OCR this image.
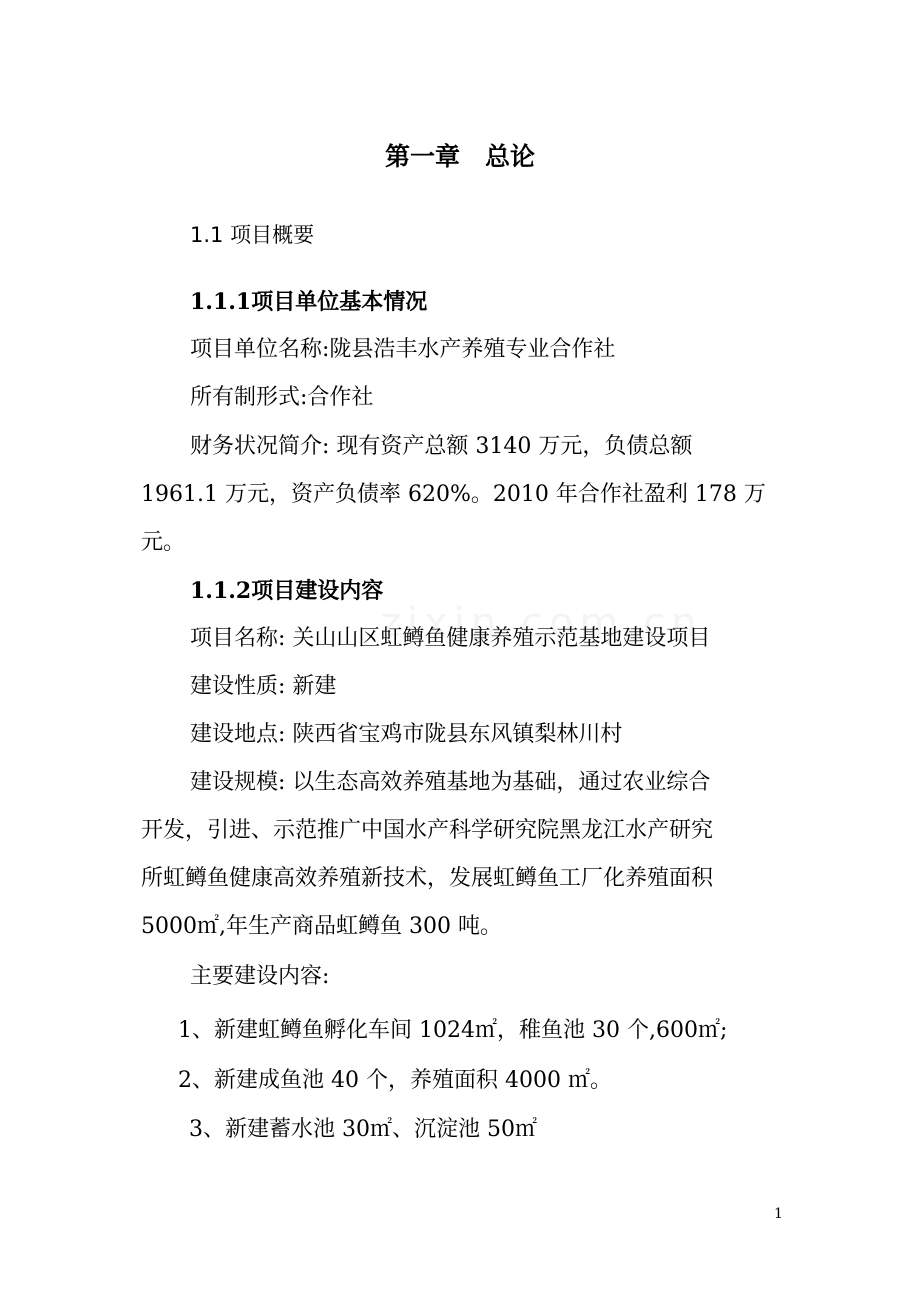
第一章　总论
1.1 项目概要
1.1.1项目单位基本情况
项目单位名称:陇县浩丰水产养殖专业合作社
所有制形式:合作社
财务状况简介: 现有资产总额 3140 万元，负债总额
1961.1 万元，资产负债率 620%。2010 年合作社盈利 178 万
元。
1.1.2项目建设内容
项目名称: 关山山区虹鳟鱼健康养殖示范基地建设项目
建设性质: 新建
建设地点: 陕西省宝鸡市陇县东风镇梨林川村
建设规模: 以生态高效养殖基地为基础，通过农业综合
开发，引进、示范推广中国水产科学研究院黑龙江水产研究
所虹鳟鱼健康高效养殖新技术，发展虹鳟鱼工厂化养殖面积
5000㎡,年生产商品虹鳟鱼 300 吨。
主要建设内容:
1、新建虹鳟鱼孵化车间 1024㎡，稚鱼池 30 个,600㎡;
2、新建成鱼池 40 个，养殖面积 4000 ㎡。
3、新建蓄水池 30㎡、沉淀池 50㎡
1
